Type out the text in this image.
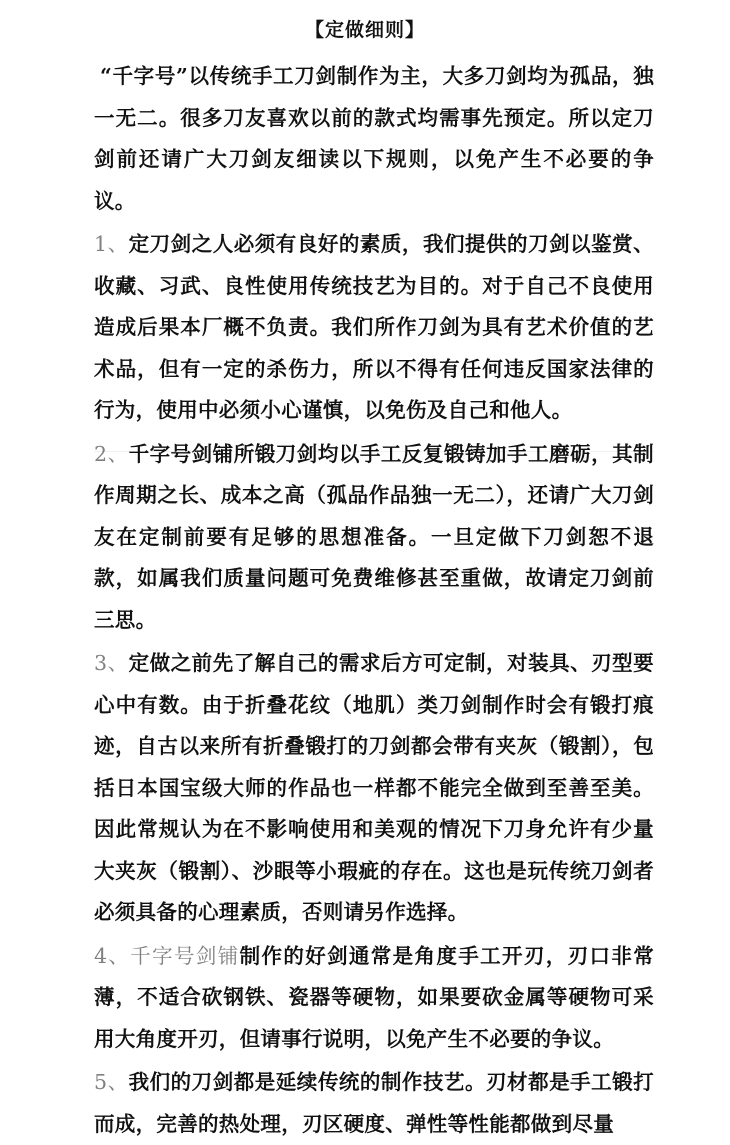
【定做细则】

“千字号”以传统手工刀剑制作为主，大多刀剑均为孤品，独一无二。很多刀友喜欢以前的款式均需事先预定。所以定刀剑前还请广大刀剑友细读以下规则，以免产生不必要的争议。

1、定刀剑之人必须有良好的素质，我们提供的刀剑以鉴赏、收藏、习武、良性使用传统技艺为目的。对于自己不良使用造成后果本厂概不负责。我们所作刀剑为具有艺术价值的艺术品，但有一定的杀伤力，所以不得有任何违反国家法律的行为，使用中必须小心谨慎，以免伤及自己和他人。

2、千字号剑铺所锻刀剑均以手工反复锻铸加手工磨砺，其制作周期之长、成本之高（孤品作品独一无二），还请广大刀剑友在定制前要有足够的思想准备。一旦定做下刀剑恕不退款，如属我们质量问题可免费维修甚至重做，故请定刀剑前三思。

3、定做之前先了解自己的需求后方可定制，对装具、刃型要心中有数。由于折叠花纹（地肌）类刀剑制作时会有锻打痕迹，自古以来所有折叠锻打的刀剑都会带有夹灰（锻割），包括日本国宝级大师的作品也一样都不能完全做到至善至美。因此常规认为在不影响使用和美观的情况下刀身允许有少量大夹灰（锻割）、沙眼等小瑕疵的存在。这也是玩传统刀剑者必须具备的心理素质，否则请另作选择。

4、千字号剑铺制作的好剑通常是角度手工开刃，刃口非常薄，不适合砍钢铁、瓷器等硬物，如果要砍金属等硬物可采用大角度开刃，但请事行说明，以免产生不必要的争议。

5、我们的刀剑都是延续传统的制作技艺。刃材都是手工锻打而成，完善的热处理，刃区硬度、弹性等性能都做到尽量
